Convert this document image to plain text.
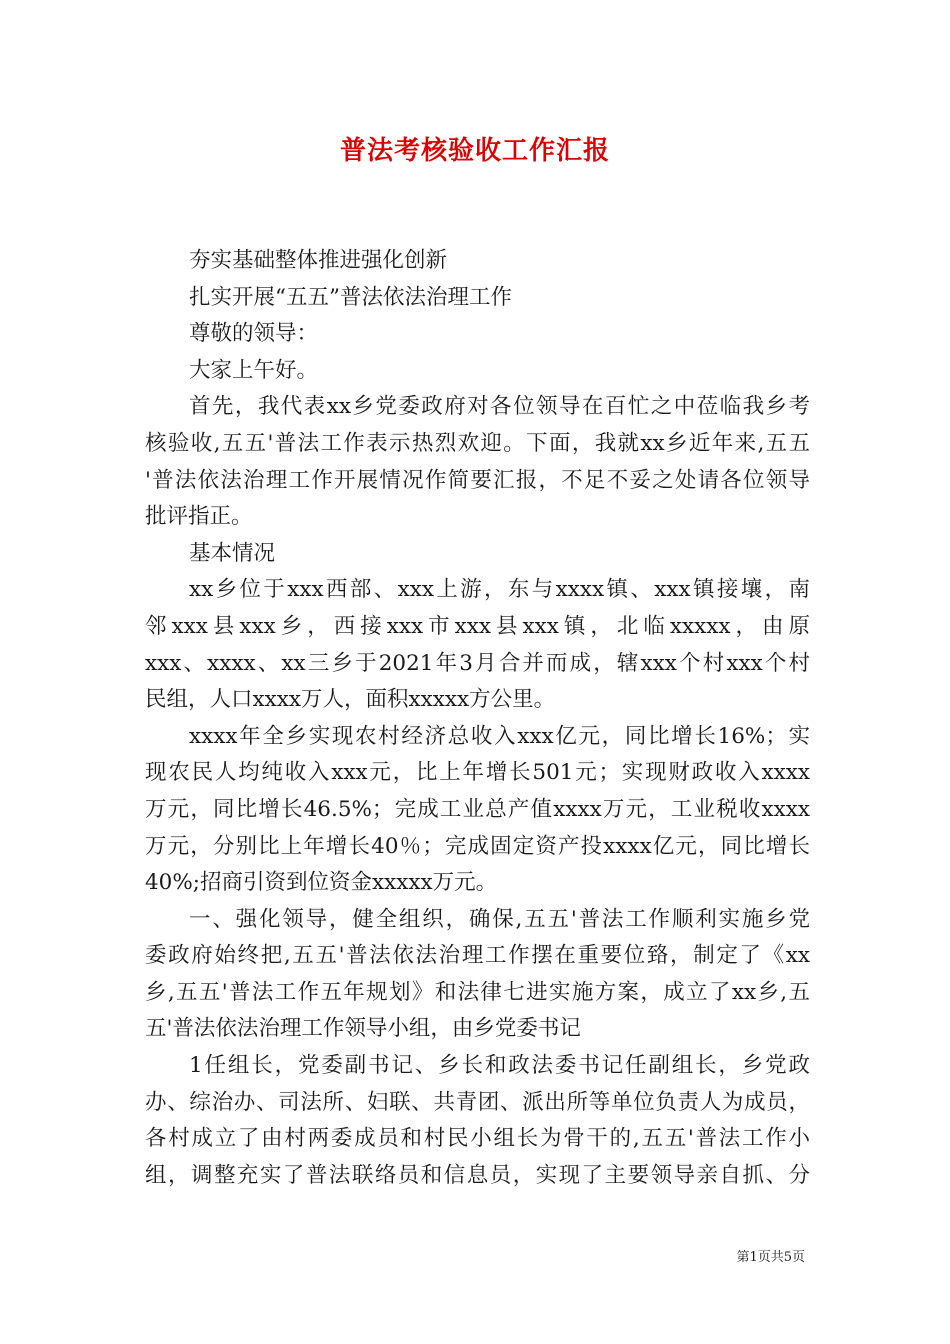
普法考核验收工作汇报
夯实基础整体推进强化创新
扎实开展“五五”普法依法治理工作
尊敬的领导：
大家上午好。
首先，我代表xx乡党委政府对各位领导在百忙之中莅临我乡考
核验收,五五'普法工作表示热烈欢迎。下面，我就xx乡近年来,五五
'普法依法治理工作开展情况作简要汇报，不足不妥之处请各位领导
批评指正。
基本情况
xx乡位于xxx西部、xxx上游，东与xxxx镇、xxx镇接壤，南
邻xxx县xxx乡，西接xxx市xxx县xxx镇，北临xxxxx，由原
xxx、xxxx、xx三乡于2021年3月合并而成，辖xxx个村xxx个村
民组，人口xxxx万人，面积xxxxx方公里。
xxxx年全乡实现农村经济总收入xxx亿元，同比增长16%；实
现农民人均纯收入xxx元，比上年增长501元；实现财政收入xxxx
万元，同比增长46.5%；完成工业总产值xxxx万元，工业税收xxxx
万元，分别比上年增长40％；完成固定资产投xxxx亿元，同比增长
40%;招商引资到位资金xxxxx万元。
一、强化领导，健全组织，确保,五五'普法工作顺利实施乡党
委政府始终把,五五'普法依法治理工作摆在重要位臵，制定了《xx
乡,五五'普法工作五年规划》和法律七进实施方案，成立了xx乡,五
五'普法依法治理工作领导小组，由乡党委书记
1任组长，党委副书记、乡长和政法委书记任副组长，乡党政
办、综治办、司法所、妇联、共青团、派出所等单位负责人为成员，
各村成立了由村两委成员和村民小组长为骨干的,五五'普法工作小
组，调整充实了普法联络员和信息员，实现了主要领导亲自抓、分
第1页共5页
